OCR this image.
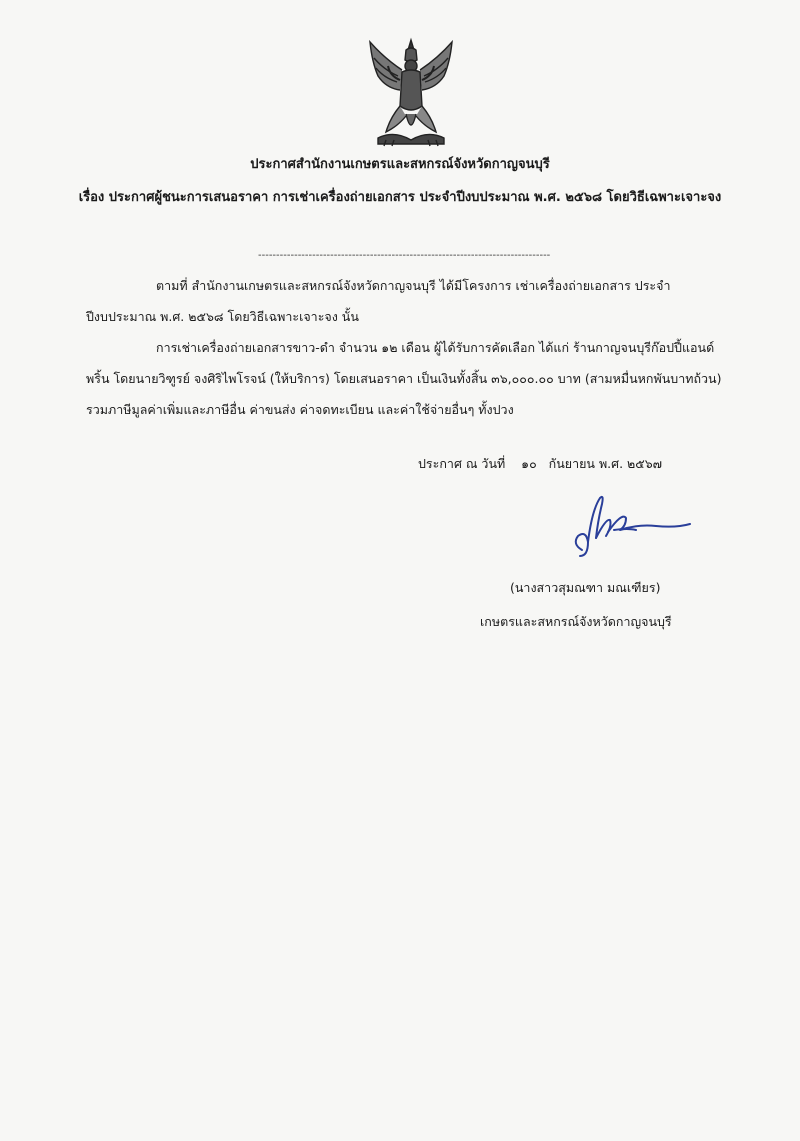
ประกาศสำนักงานเกษตรและสหกรณ์จังหวัดกาญจนบุรี
เรื่อง ประกาศผู้ชนะการเสนอราคา การเช่าเครื่องถ่ายเอกสาร ประจำปีงบประมาณ พ.ศ. ๒๕๖๘ โดยวิธีเฉพาะเจาะจง
---------------------------------------------------------------------------------

ตามที่ สำนักงานเกษตรและสหกรณ์จังหวัดกาญจนบุรี ได้มีโครงการ เช่าเครื่องถ่ายเอกสาร ประจำปีงบประมาณ พ.ศ. ๒๕๖๘ โดยวิธีเฉพาะเจาะจง นั้น

การเช่าเครื่องถ่ายเอกสารขาว-ดำ จำนวน ๑๒ เดือน ผู้ได้รับการคัดเลือก ได้แก่ ร้านกาญจนบุรีก๊อปปี้แอนด์พริ้น โดยนายวิฑูรย์ จงศิริไพโรจน์ (ให้บริการ) โดยเสนอราคา เป็นเงินทั้งสิ้น ๓๖,๐๐๐.๐๐ บาท (สามหมื่นหกพันบาทถ้วน) รวมภาษีมูลค่าเพิ่มและภาษีอื่น ค่าขนส่ง ค่าจดทะเบียน และค่าใช้จ่ายอื่นๆ ทั้งปวง

ประกาศ ณ วันที่ ๑๐ กันยายน พ.ศ. ๒๕๖๗
(นางสาวสุมณฑา มณเฑียร)
เกษตรและสหกรณ์จังหวัดกาญจนบุรี
